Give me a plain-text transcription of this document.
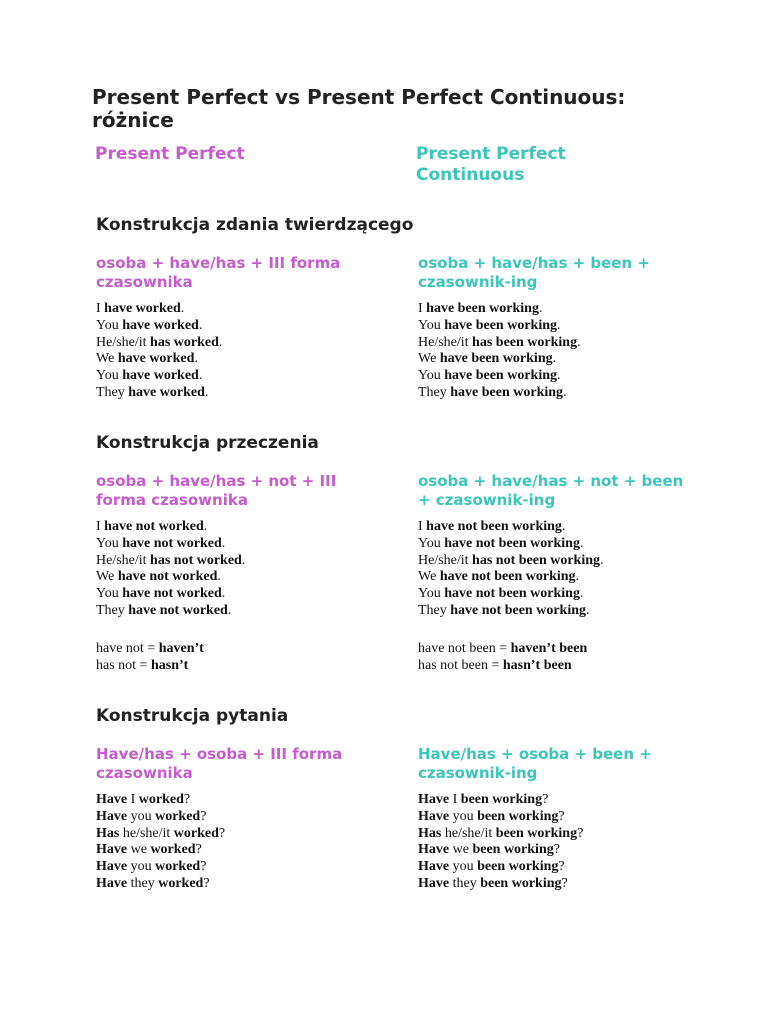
Present Perfect vs Present Perfect Continuous: różnice
Present Perfect	Present Perfect
Continuous
Konstrukcja zdania twierdzącego
osoba + have/has + III forma czasownika
osoba + have/has + been + czasownik-ing
I have worked.
You have worked.
He/she/it has worked.
We have worked.
You have worked.
They have worked.
I have been working.
You have been working.
He/she/it has been working.
We have been working.
You have been working.
They have been working.
Konstrukcja przeczenia
osoba + have/has + not + III forma czasownika
osoba + have/has + not + been + czasownik-ing
I have not worked.
You have not worked.
He/she/it has not worked.
We have not worked.
You have not worked.
They have not worked.
I have not been working.
You have not been working.
He/she/it has not been working.
We have not been working.
You have not been working.
They have not been working.
have not = haven’t
has not = hasn’t
have not been = haven’t been
has not been = hasn’t been
Konstrukcja pytania
Have/has + osoba + III forma czasownika
Have/has + osoba + been + czasownik-ing
Have I worked?
Have you worked?
Has he/she/it worked?
Have we worked?
Have you worked?
Have they worked?
Have I been working?
Have you been working?
Has he/she/it been working?
Have we been working?
Have you been working?
Have they been working?
